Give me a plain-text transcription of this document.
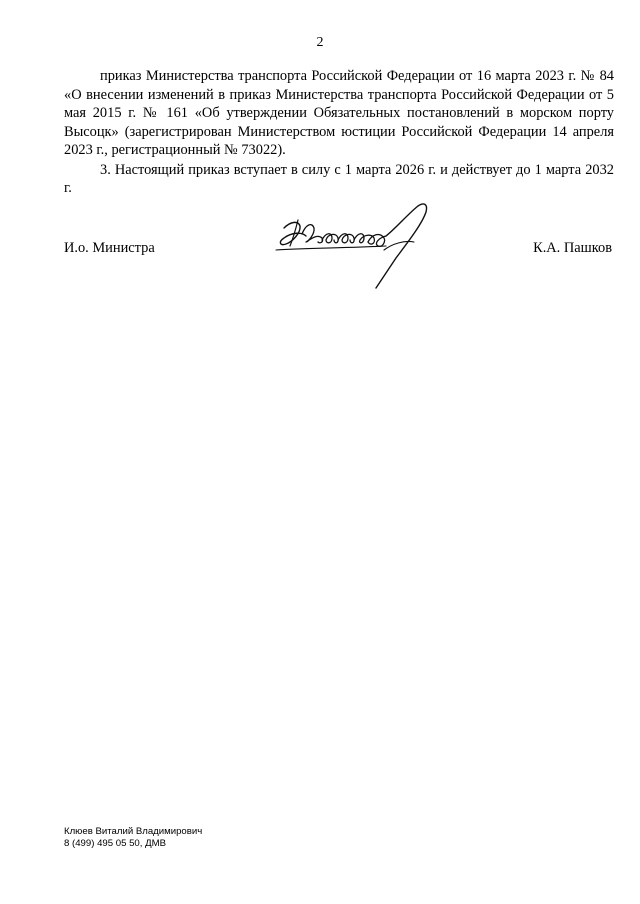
2

приказ Министерства транспорта Российской Федерации от 16 марта 2023 г. № 84 «О внесении изменений в приказ Министерства транспорта Российской Федерации от 5 мая 2015 г. № 161 «Об утверждении Обязательных постановлений в морском порту Высоцк» (зарегистрирован Министерством юстиции Российской Федерации 14 апреля 2023 г., регистрационный № 73022).

3. Настоящий приказ вступает в силу с 1 марта 2026 г. и действует до 1 марта 2032 г.

И.о. Министра	К.А. Пашков
Клюев Виталий Владимирович
8 (499) 495 05 50, ДМВ
